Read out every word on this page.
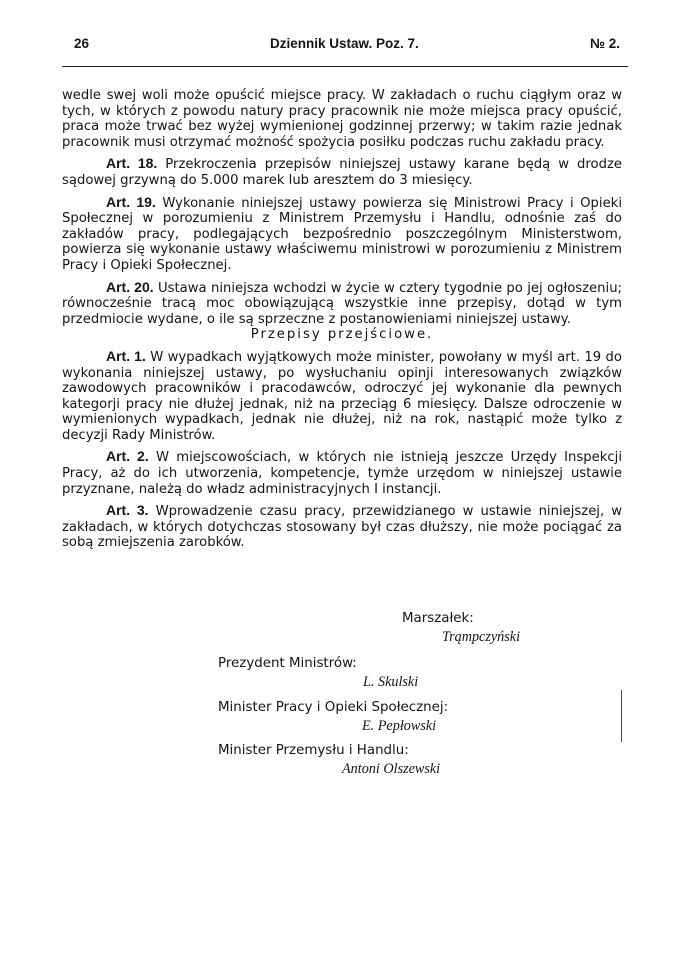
26	Dziennik Ustaw. Poz. 7.	№ 2.

wedle swej woli może opuścić miejsce pracy. W zakładach o ruchu ciągłym oraz w tych, w których z powodu natury pracy pracownik nie może miejsca pracy opuścić, praca może trwać bez wyżej wymienionej godzinnej przerwy; w takim razie jednak pracownik musi otrzymać możność spożycia posiłku podczas ruchu zakładu pracy.

Art. 18. Przekroczenia przepisów niniejszej ustawy karane będą w drodze sądowej grzywną do 5.000 marek lub aresztem do 3 miesięcy.

Art. 19. Wykonanie niniejszej ustawy powierza się Ministrowi Pracy i Opieki Społecznej w porozumieniu z Ministrem Przemysłu i Handlu, odnośnie zaś do zakładów pracy, podlegających bezpośrednio poszczególnym Ministerstwom, powierza się wykonanie ustawy właściwemu ministrowi w porozumieniu z Ministrem Pracy i Opieki Społecznej.

Art. 20. Ustawa niniejsza wchodzi w życie w cztery tygodnie po jej ogłoszeniu; równocześnie tracą moc obowiązującą wszystkie inne przepisy, dotąd w tym przedmiocie wydane, o ile są sprzeczne z postanowieniami niniejszej ustawy.

Przepisy przejściowe.

Art. 1. W wypadkach wyjątkowych może minister, powołany w myśl art. 19 do wykonania niniejszej ustawy, po wysłuchaniu opinji interesowanych związków zawodowych pracowników i pracodawców, odroczyć jej wykonanie dla pewnych kategorji pracy nie dłużej jednak, niż na przeciąg 6 miesięcy. Dalsze odroczenie w wymienionych wypadkach, jednak nie dłużej, niż na rok, nastąpić może tylko z decyzji Rady Ministrów.

Art. 2. W miejscowościach, w których nie istnieją jeszcze Urzędy Inspekcji Pracy, aż do ich utworzenia, kompetencje, tymże urzędom w niniejszej ustawie przyznane, należą do władz administracyjnych I instancji.

Art. 3. Wprowadzenie czasu pracy, przewidzianego w ustawie niniejszej, w zakładach, w których dotychczas stosowany był czas dłuższy, nie może pociągać za sobą zmiejszenia zarobków.

Marszałek:
Trąmpczyński
Prezydent Ministrów:
L. Skulski
Minister Pracy i Opieki Społecznej:
E. Pepłowski
Minister Przemysłu i Handlu:
Antoni Olszewski
